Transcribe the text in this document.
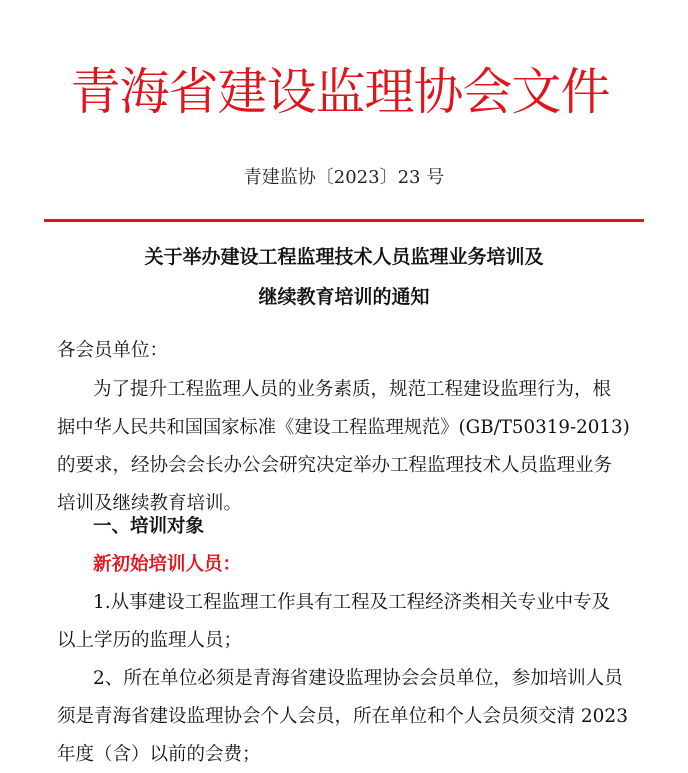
青海省建设监理协会文件
青建监协〔2023〕23 号
关于举办建设工程监理技术人员监理业务培训及
继续教育培训的通知
各会员单位：
为了提升工程监理人员的业务素质，规范工程建设监理行为，根
据中华人民共和国国家标准《建设工程监理规范》(GB/T50319-2013)
的要求，经协会会长办公会研究决定举办工程监理技术人员监理业务
培训及继续教育培训。
一、培训对象
新初始培训人员：
1.从事建设工程监理工作具有工程及工程经济类相关专业中专及
以上学历的监理人员；
2、所在单位必须是青海省建设监理协会会员单位，参加培训人员
须是青海省建设监理协会个人会员，所在单位和个人会员须交清 2023
年度（含）以前的会费；
